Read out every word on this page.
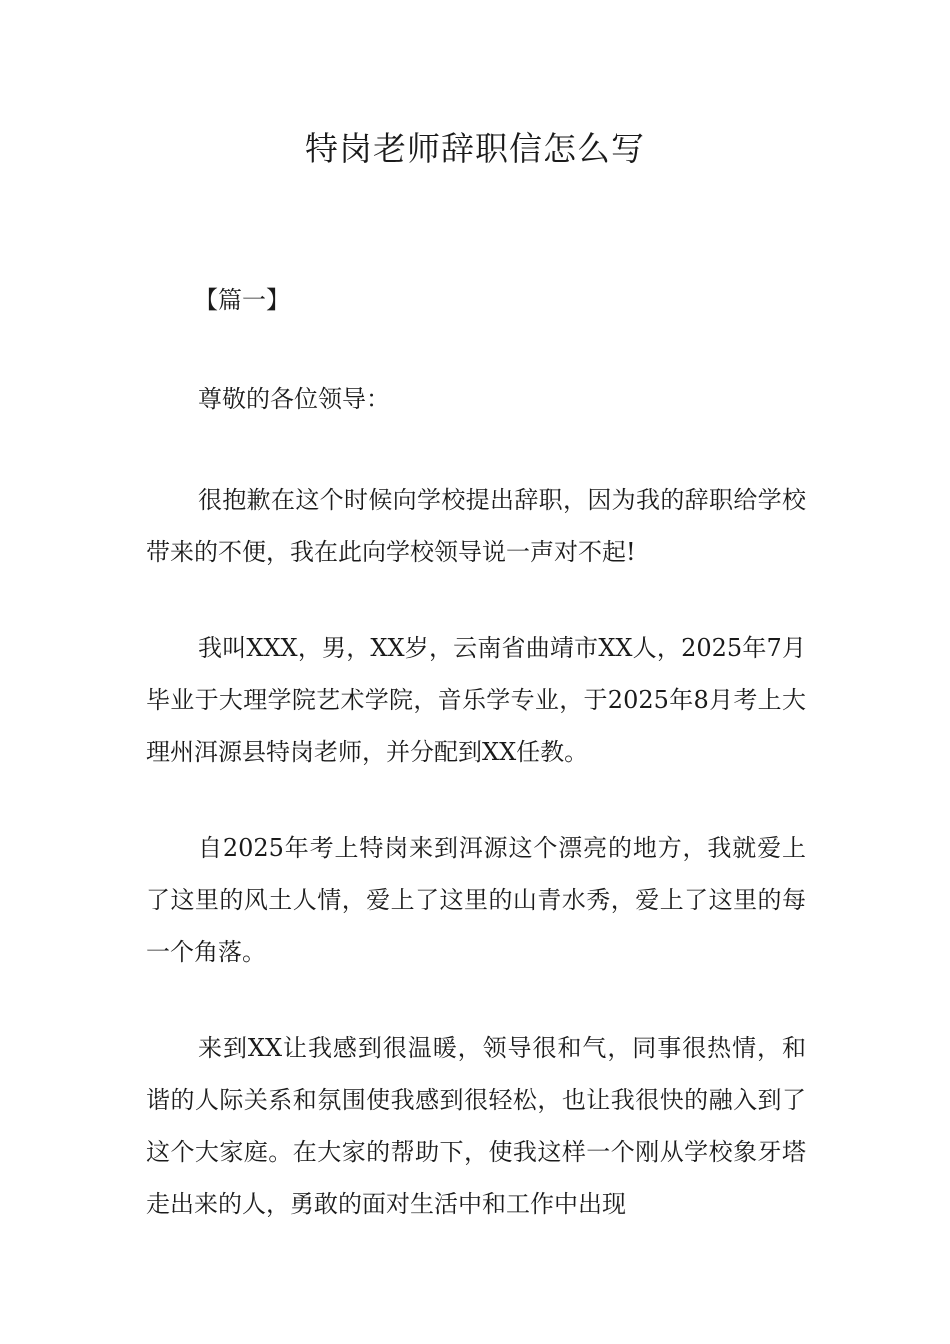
特岗老师辞职信怎么写

【篇一】

尊敬的各位领导：

很抱歉在这个时候向学校提出辞职，因为我的辞职给学校带来的不便，我在此向学校领导说一声对不起!

我叫XXX，男，XX岁，云南省曲靖市XX人，2025年7月毕业于大理学院艺术学院，音乐学专业，于2025年8月考上大理州洱源县特岗老师，并分配到XX任教。

自2025年考上特岗来到洱源这个漂亮的地方，我就爱上了这里的风土人情，爱上了这里的山青水秀，爱上了这里的每一个角落。

来到XX让我感到很温暖，领导很和气，同事很热情，和谐的人际关系和氛围使我感到很轻松，也让我很快的融入到了这个大家庭。在大家的帮助下，使我这样一个刚从学校象牙塔走出来的人，勇敢的面对生活中和工作中出现
